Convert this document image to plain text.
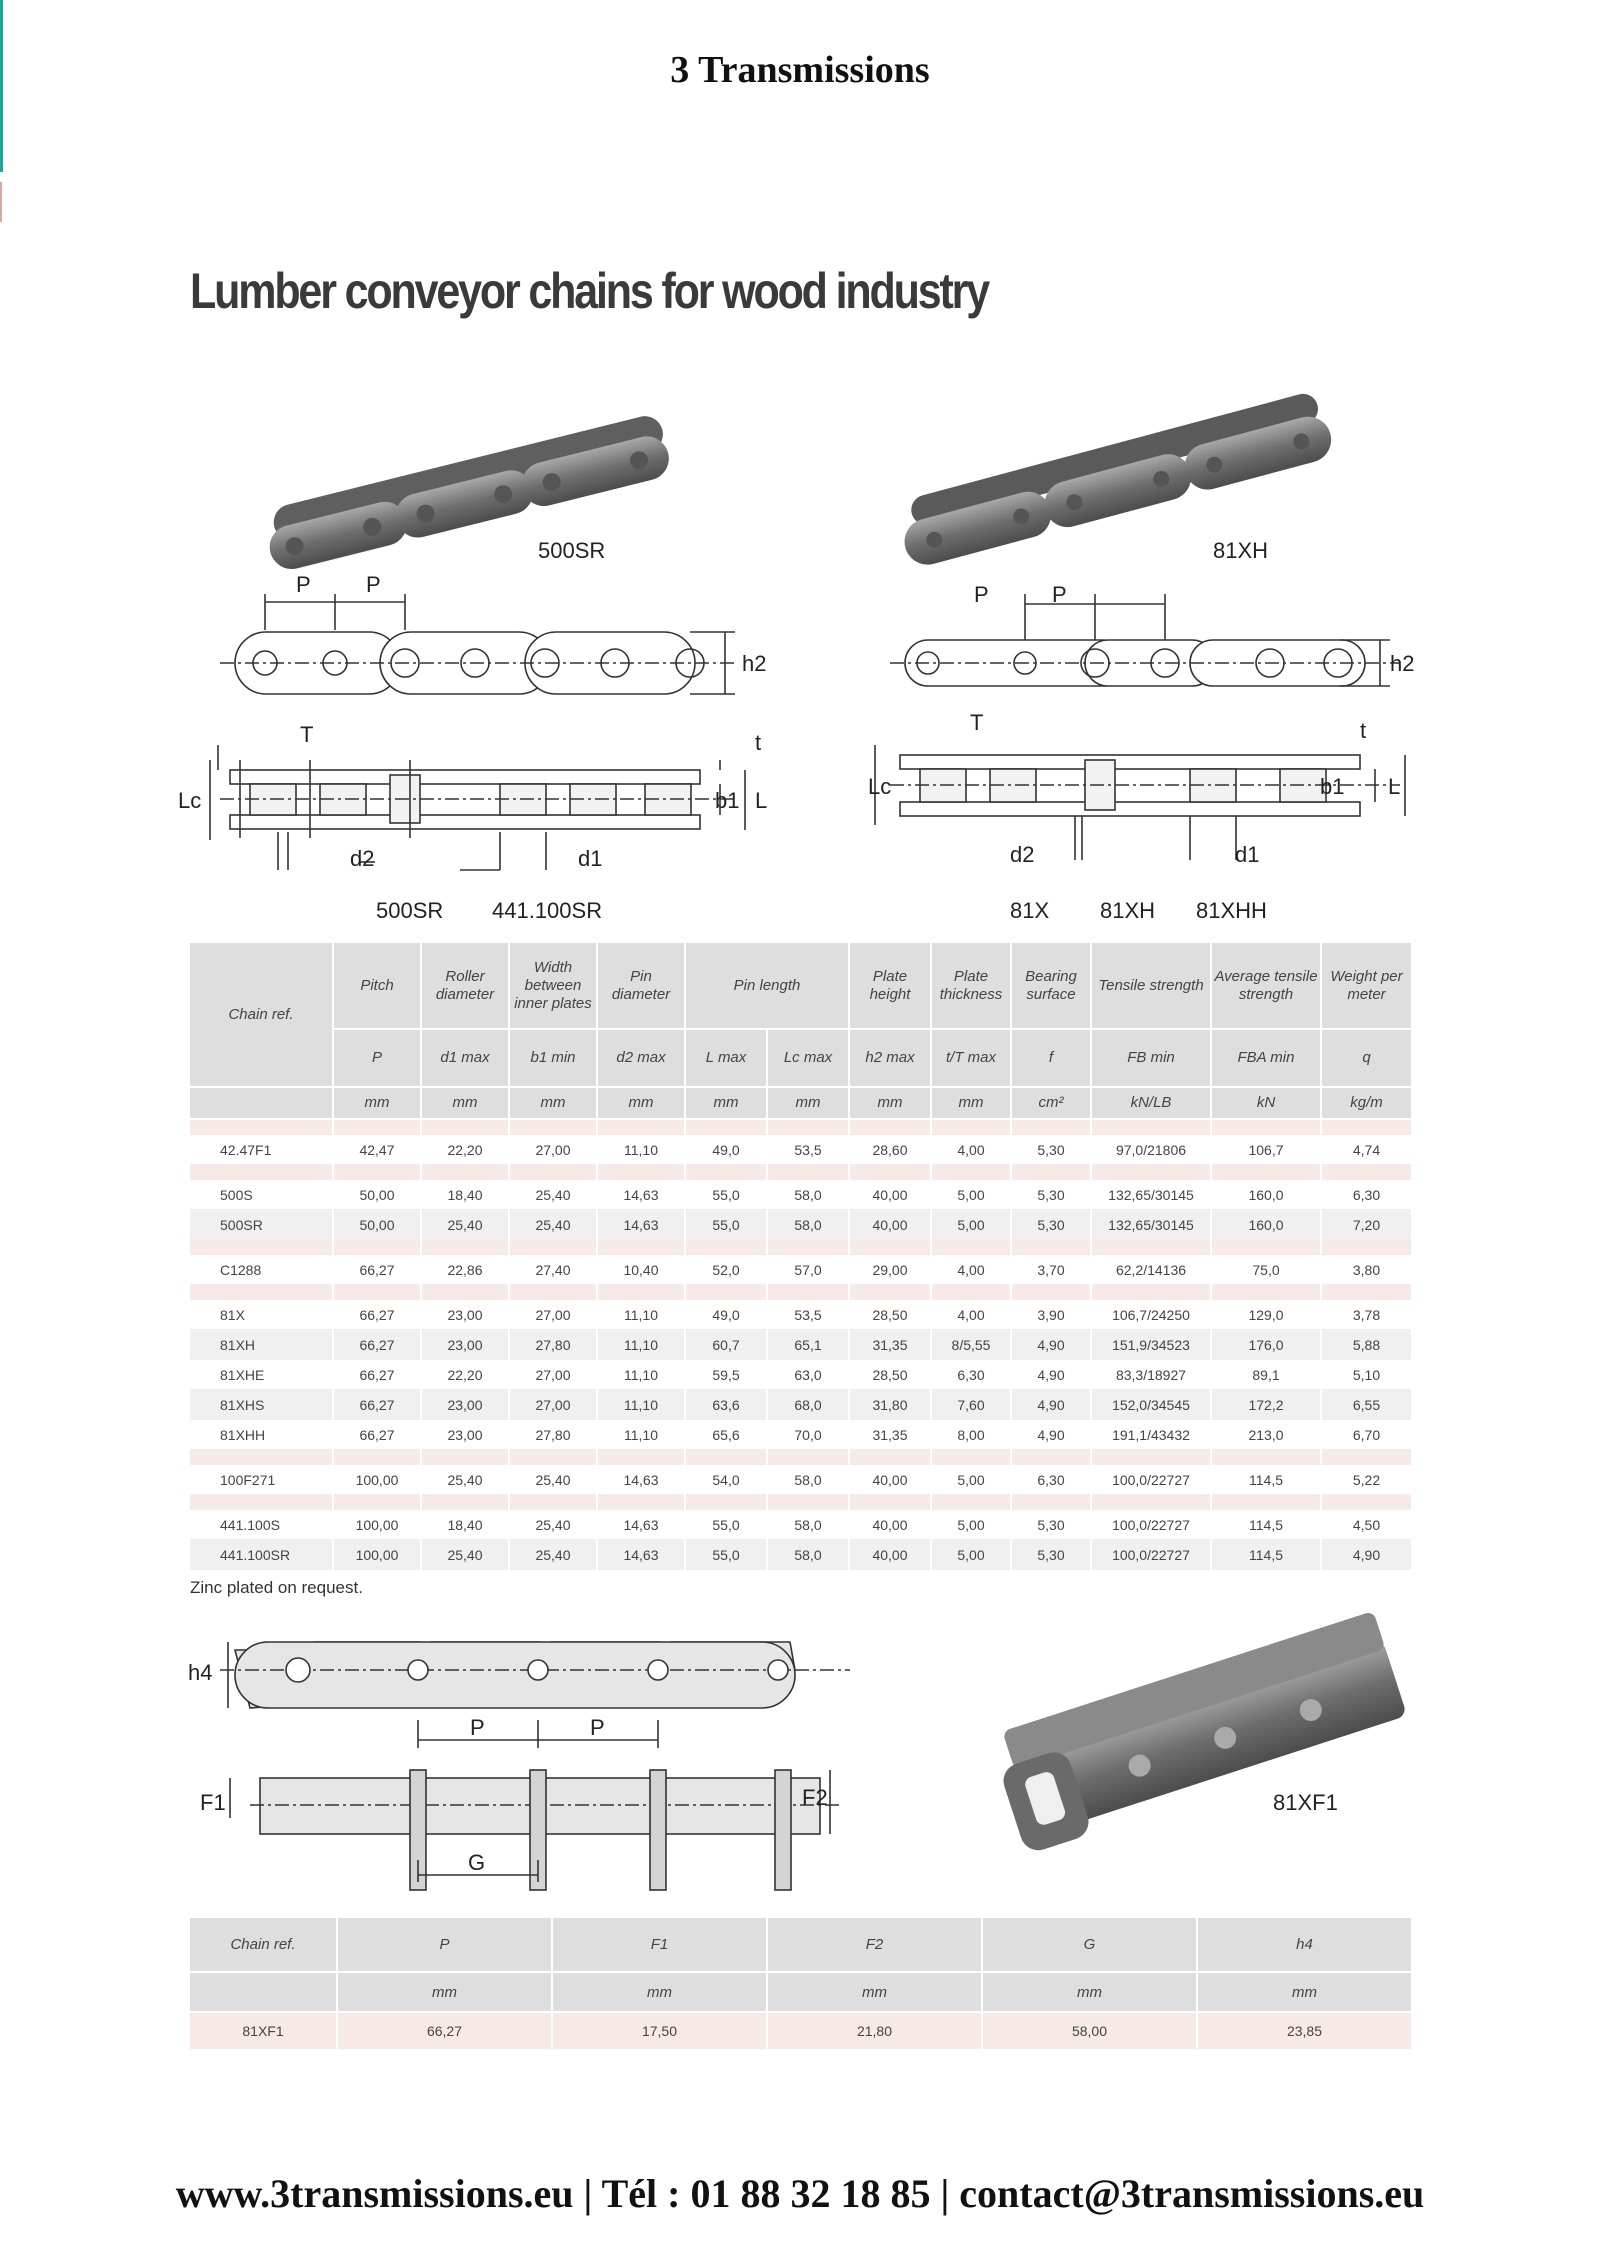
3 Transmissions
Lumber conveyor chains for wood industry
500SR	81XH
P	P
h2
T	t
Lc	b1 L
d2	d1
500SR 441.100SR
P	P
h2
T	t
Lc	b1 L
d2	d1
81X 81XH 81XHH
Chain ref.	Pitch	Roller diameter	Width between inner plates	Pin diameter	Pin length		Plate height	Plate thickness	Bearing surface	Tensile strength	Average tensile strength	Weight per meter
	P	d1 max	b1 min	d2 max	L max	Lc max	h2 max	t/T max	f	FB min	FBA min	q
	mm	mm	mm	mm	mm	mm	mm	mm	cm²	kN/LB	kN	kg/m

42.47F1	42,47	22,20	27,00	11,10	49,0	53,5	28,60	4,00	5,30	97,0/21806	106,7	4,74

500S	50,00	18,40	25,40	14,63	55,0	58,0	40,00	5,00	5,30	132,65/30145	160,0	6,30
500SR	50,00	25,40	25,40	14,63	55,0	58,0	40,00	5,00	5,30	132,65/30145	160,0	7,20

C1288	66,27	22,86	27,40	10,40	52,0	57,0	29,00	4,00	3,70	62,2/14136	75,0	3,80

81X	66,27	23,00	27,00	11,10	49,0	53,5	28,50	4,00	3,90	106,7/24250	129,0	3,78
81XH	66,27	23,00	27,80	11,10	60,7	65,1	31,35	8/5,55	4,90	151,9/34523	176,0	5,88
81XHE	66,27	22,20	27,00	11,10	59,5	63,0	28,50	6,30	4,90	83,3/18927	89,1	5,10
81XHS	66,27	23,00	27,00	11,10	63,6	68,0	31,80	7,60	4,90	152,0/34545	172,2	6,55
81XHH	66,27	23,00	27,80	11,10	65,6	70,0	31,35	8,00	4,90	191,1/43432	213,0	6,70

100F271	100,00	25,40	25,40	14,63	54,0	58,0	40,00	5,00	6,30	100,0/22727	114,5	5,22

441.100S	100,00	18,40	25,40	14,63	55,0	58,0	40,00	5,00	5,30	100,0/22727	114,5	4,50
441.100SR	100,00	25,40	25,40	14,63	55,0	58,0	40,00	5,00	5,30	100,0/22727	114,5	4,90
Zinc plated on request.
h4
P	P
F1	F2
G
81XF1
Chain ref.	P	F1	F2	G	h4
	mm	mm	mm	mm	mm
81XF1	66,27	17,50	21,80	58,00	23,85
www.3transmissions.eu | Tél : 01 88 32 18 85 | contact@3transmissions.eu
